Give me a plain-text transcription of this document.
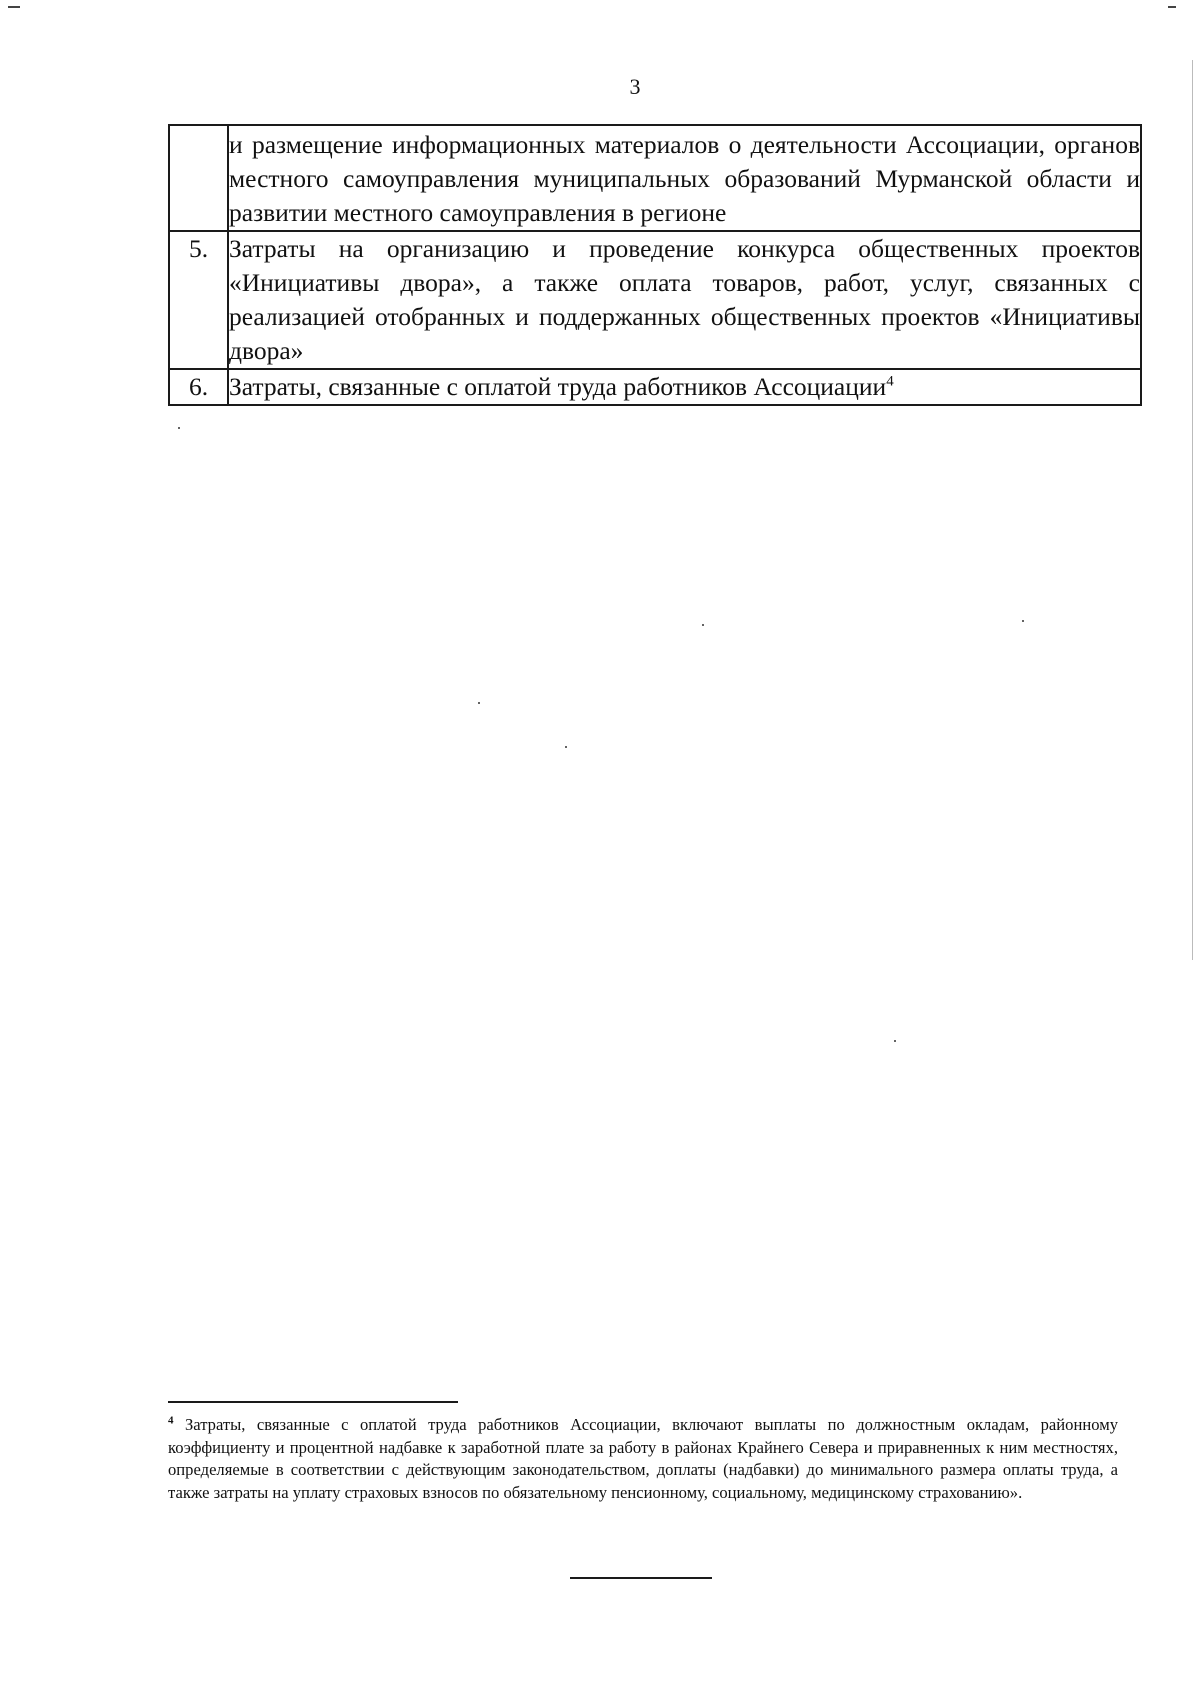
3
	и размещение информационных материалов о деятельности Ассоциации, органов местного самоуправления муниципальных образований Мурманской области и развитии местного самоуправления в регионе
5.	Затраты на организацию и проведение конкурса общественных проектов «Инициативы двора», а также оплата товаров, работ, услуг, связанных с реализацией отобранных и поддержанных общественных проектов «Инициативы двора»
6.	Затраты, связанные с оплатой труда работников Ассоциации$^4$
$^4$ Затраты, связанные с оплатой труда работников Ассоциации, включают выплаты по должностным окладам, районному коэффициенту и процентной надбавке к заработной плате за работу в районах Крайнего Севера и приравненных к ним местностях, определяемые в соответствии с действующим законодательством, доплаты (надбавки) до минимального размера оплаты труда, а также затраты на уплату страховых взносов по обязательному пенсионному, социальному, медицинскому страхованию».
